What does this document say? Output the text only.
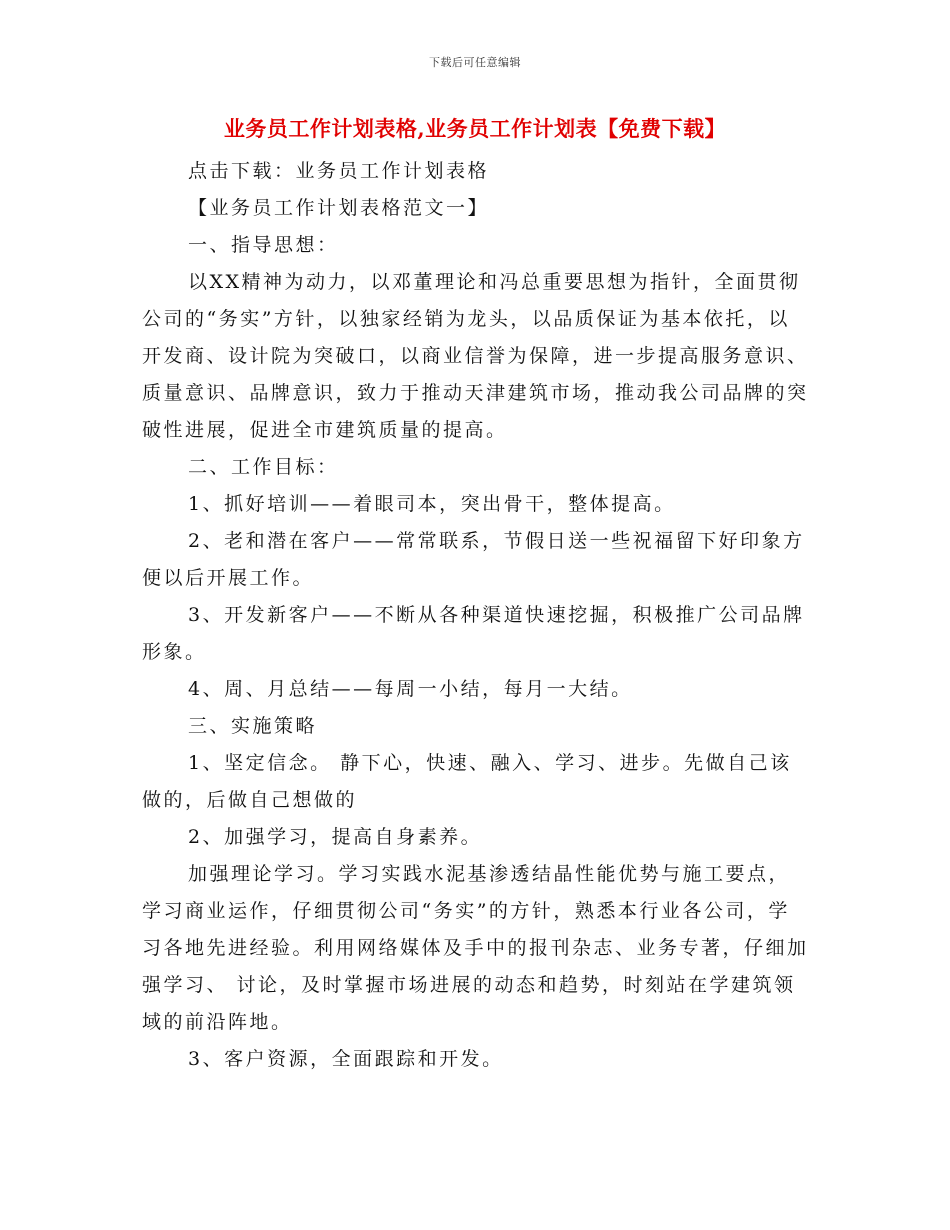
下载后可任意编辑
业务员工作计划表格,业务员工作计划表【免费下载】

点击下载：业务员工作计划表格

【业务员工作计划表格范文一】

一、指导思想：

以XX精神为动力，以邓董理论和冯总重要思想为指针，全面贯彻公司的“务实”方针，以独家经销为龙头，以品质保证为基本依托，以开发商、设计院为突破口，以商业信誉为保障，进一步提高服务意识、质量意识、品牌意识，致力于推动天津建筑市场，推动我公司品牌的突破性进展，促进全市建筑质量的提高。

二、工作目标：

1、抓好培训——着眼司本，突出骨干，整体提高。

2、老和潜在客户——常常联系，节假日送一些祝福留下好印象方便以后开展工作。

3、开发新客户——不断从各种渠道快速挖掘，积极推广公司品牌形象。

4、周、月总结——每周一小结，每月一大结。

三、实施策略

1、坚定信念。 静下心，快速、融入、学习、进步。先做自己该做的，后做自己想做的

2、加强学习，提高自身素养。

加强理论学习。学习实践水泥基渗透结晶性能优势与施工要点，学习商业运作，仔细贯彻公司“务实”的方针，熟悉本行业各公司，学习各地先进经验。利用网络媒体及手中的报刊杂志、业务专著，仔细加强学习、 讨论，及时掌握市场进展的动态和趋势，时刻站在学建筑领域的前沿阵地。

3、客户资源，全面跟踪和开发。
